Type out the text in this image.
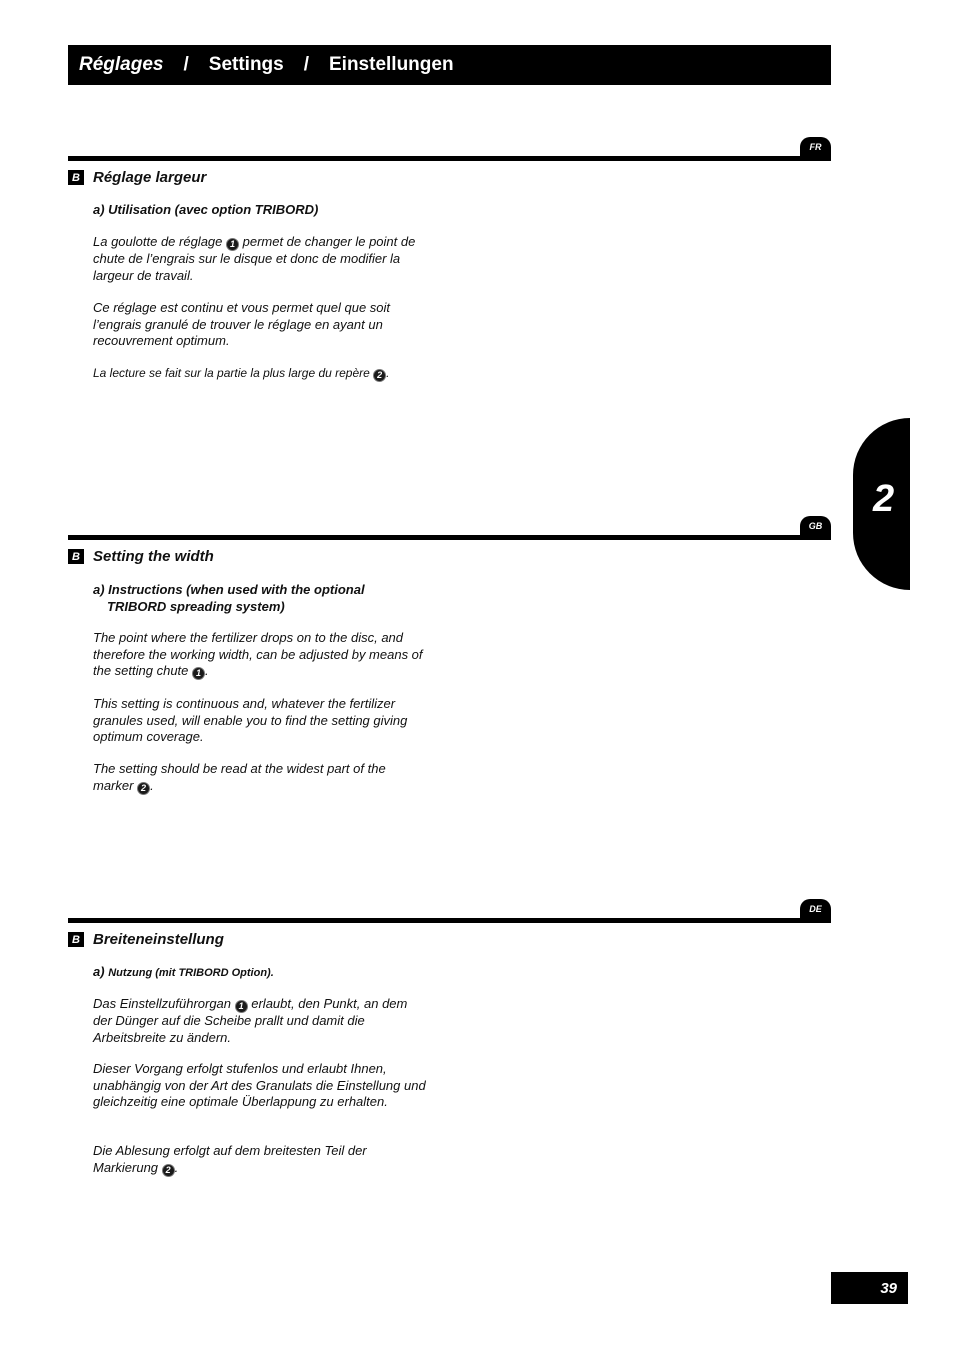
Réglages / Settings / Einstellungen
FR
B Réglage largeur
a) Utilisation (avec option TRIBORD)
La goulotte de réglage 1 permet de changer le point de chute de l’engrais sur le disque et donc de modifier la largeur de travail.
Ce réglage est continu et vous permet quel que soit l’engrais granulé de trouver le réglage en ayant un recouvrement optimum.
La lecture se fait sur la partie la plus large du repère 2 .
2
GB
B Setting the width
a) Instructions (when used with the optional
TRIBORD spreading system)
The point where the fertilizer drops on to the disc, and therefore the working width, can be adjusted by means of the setting chute 1 .
This setting is continuous and, whatever the fertilizer granules used, will enable you to find the setting giving optimum coverage.
The setting should be read at the widest part of the marker 2 .
DE
B Breiteneinstellung
a) Nutzung (mit TRIBORD Option).
Das Einstellzuführorgan 1 erlaubt, den Punkt, an dem der Dünger auf die Scheibe prallt und damit die Arbeitsbreite zu ändern.
Dieser Vorgang erfolgt stufenlos und erlaubt Ihnen, unabhängig von der Art des Granulats die Einstellung und gleichzeitig eine optimale Überlappung zu erhalten.
Die Ablesung erfolgt auf dem breitesten Teil der Markierung 2 .
39
